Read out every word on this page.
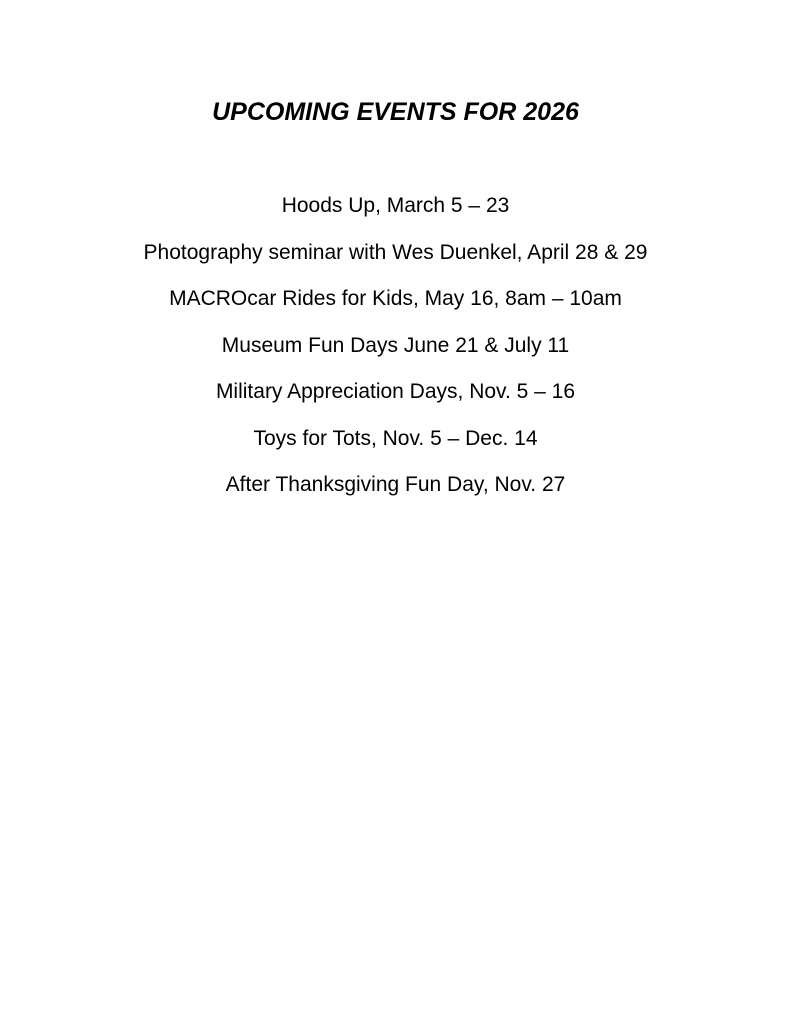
UPCOMING EVENTS FOR 2026
Hoods Up, March 5 – 23
Photography seminar with Wes Duenkel, April 28 & 29
MACROcar Rides for Kids, May 16, 8am – 10am
Museum Fun Days June 21 & July 11
Military Appreciation Days, Nov. 5 – 16
Toys for Tots, Nov. 5 – Dec. 14
After Thanksgiving Fun Day, Nov. 27
